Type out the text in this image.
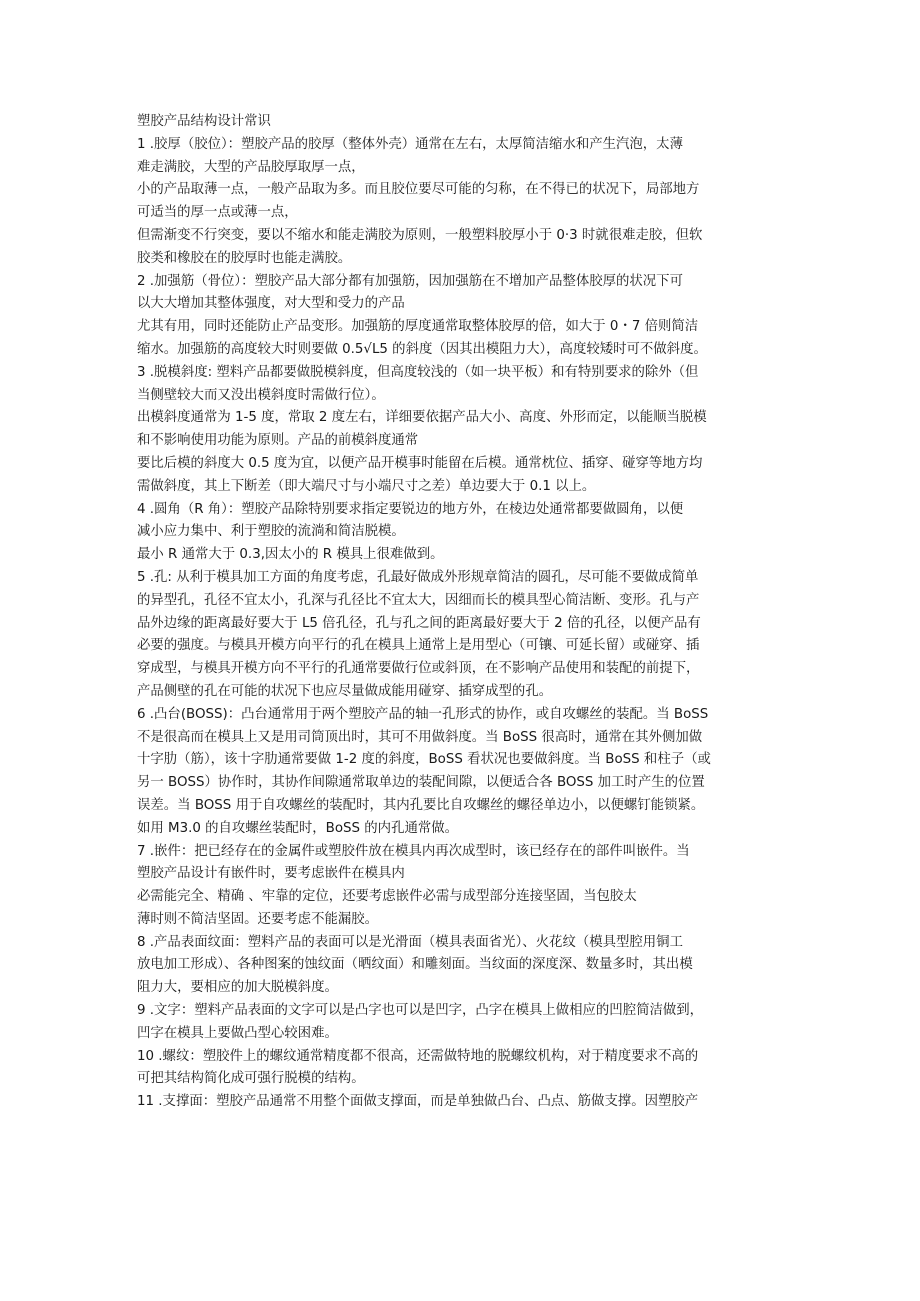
塑胶产品结构设计常识
1 .胶厚（胶位）：塑胶产品的胶厚（整体外壳）通常在左右，太厚简洁缩水和产生汽泡，太薄
难走满胶，大型的产品胶厚取厚一点，
小的产品取薄一点，一般产品取为多。而且胶位要尽可能的匀称，在不得已的状况下，局部地方
可适当的厚一点或薄一点，
但需渐变不行突变，要以不缩水和能走满胶为原则，一般塑料胶厚小于 0·3 时就很难走胶，但软
胶类和橡胶在的胶厚时也能走满胶。
2 .加强筋（骨位）：塑胶产品大部分都有加强筋，因加强筋在不增加产品整体胶厚的状况下可
以大大增加其整体强度，对大型和受力的产品
尤其有用，同时还能防止产品变形。加强筋的厚度通常取整体胶厚的倍，如大于 0・7 倍则简洁
缩水。加强筋的高度较大时则要做 0.5√L5 的斜度（因其出模阻力大），高度较矮时可不做斜度。
3 .脱模斜度: 塑料产品都要做脱模斜度，但高度较浅的（如一块平板）和有特别要求的除外（但
当侧壁较大而又没出模斜度时需做行位）。
出模斜度通常为 1-5 度，常取 2 度左右，详细要依据产品大小、高度、外形而定，以能顺当脱模
和不影响使用功能为原则。产品的前模斜度通常
要比后模的斜度大 0.5 度为宜，以便产品开模事时能留在后模。通常枕位、插穿、碰穿等地方均
需做斜度，其上下断差（即大端尺寸与小端尺寸之差）单边要大于 0.1 以上。
4 .圆角（R 角）：塑胶产品除特别要求指定要锐边的地方外，在棱边处通常都要做圆角，以便
减小应力集中、利于塑胶的流淌和简洁脱模。
最小 R 通常大于 0.3,因太小的 R 模具上很难做到。
5 .孔: 从利于模具加工方面的角度考虑，孔最好做成外形规章简洁的圆孔，尽可能不要做成简单
的异型孔，孔径不宜太小，孔深与孔径比不宜太大，因细而长的模具型心简洁断、变形。孔与产
品外边缘的距离最好要大于 L5 倍孔径，孔与孔之间的距离最好要大于 2 倍的孔径，以便产品有
必要的强度。与模具开模方向平行的孔在模具上通常上是用型心（可镶、可延长留）或碰穿、插
穿成型，与模具开模方向不平行的孔通常要做行位或斜顶，在不影响产品使用和装配的前提下，
产品侧壁的孔在可能的状况下也应尽量做成能用碰穿、插穿成型的孔。
6 .凸台(BOSS)：凸台通常用于两个塑胶产品的轴一孔形式的协作，或自攻螺丝的装配。当 BoSS
不是很高而在模具上又是用司筒顶出时，其可不用做斜度。当 BoSS 很高时，通常在其外侧加做
十字肋（筋），该十字肋通常要做 1-2 度的斜度，BoSS 看状况也要做斜度。当 BoSS 和柱子（或
另一 BOSS）协作时，其协作间隙通常取单边的装配间隙，以便适合各 BOSS 加工时产生的位置
误差。当 BOSS 用于自攻螺丝的装配时，其内孔要比自攻螺丝的螺径单边小，以便螺钉能锁紧。
如用 M3.0 的自攻螺丝装配时，BoSS 的内孔通常做。
7 .嵌件：把已经存在的金属件或塑胶件放在模具内再次成型时，该已经存在的部件叫嵌件。当
塑胶产品设计有嵌件时，要考虑嵌件在模具内
必需能完全、精确 、牢靠的定位，还要考虑嵌件必需与成型部分连接坚固，当包胶太
薄时则不简洁坚固。还要考虑不能漏胶。
8 .产品表面纹面：塑料产品的表面可以是光滑面（模具表面省光）、火花纹（模具型腔用铜工
放电加工形成）、各种图案的蚀纹面（晒纹面）和雕刻面。当纹面的深度深、数量多时，其出模
阻力大，要相应的加大脱模斜度。
9 .文字：塑料产品表面的文字可以是凸字也可以是凹字，凸字在模具上做相应的凹腔简洁做到，
凹字在模具上要做凸型心较困难。
10 .螺纹：塑胶件上的螺纹通常精度都不很高，还需做特地的脱螺纹机构，对于精度要求不高的
可把其结构简化成可强行脱模的结构。
11 .支撑面：塑胶产品通常不用整个面做支撑面，而是单独做凸台、凸点、筋做支撑。因塑胶产
